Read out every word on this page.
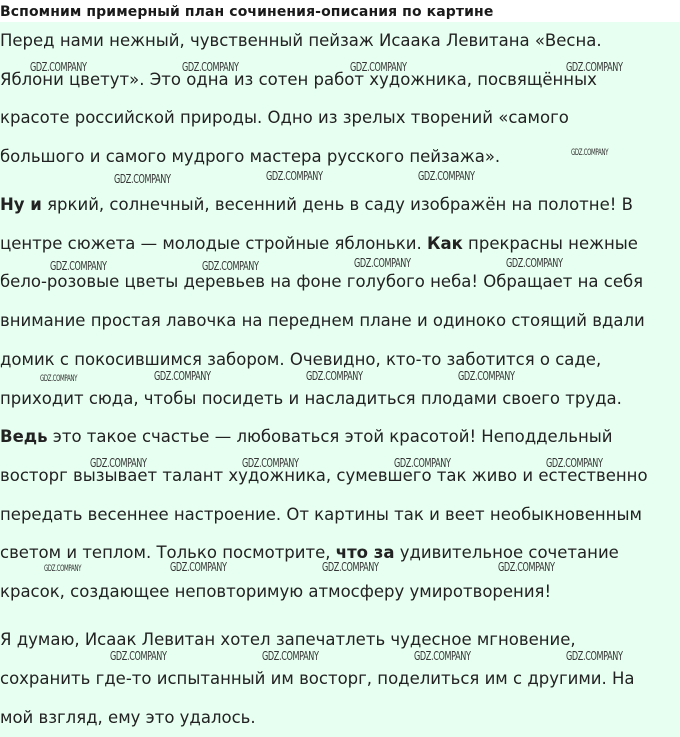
Вспомним примерный план сочинения-описания по картине
Перед нами нежный, чувственный пейзаж Исаака Левитана «Весна.
Яблони цветут». Это одна из сотен работ художника, посвящённых
красоте российской природы. Одно из зрелых творений «самого
большого и самого мудрого мастера русского пейзажа».
Ну и яркий, солнечный, весенний день в саду изображён на полотне! В
центре сюжета — молодые стройные яблоньки. Как прекрасны нежные
бело-розовые цветы деревьев на фоне голубого неба! Обращает на себя
внимание простая лавочка на переднем плане и одиноко стоящий вдали
домик с покосившимся забором. Очевидно, кто-то заботится о саде,
приходит сюда, чтобы посидеть и насладиться плодами своего труда.
Ведь это такое счастье — любоваться этой красотой! Неподдельный
восторг вызывает талант художника, сумевшего так живо и естественно
передать весеннее настроение. От картины так и веет необыкновенным
светом и теплом. Только посмотрите, что за удивительное сочетание
красок, создающее неповторимую атмосферу умиротворения!
Я думаю, Исаак Левитан хотел запечатлеть чудесное мгновение,
сохранить где-то испытанный им восторг, поделиться им с другими. На
мой взгляд, ему это удалось.
GDZ.COMPANY	GDZ.COMPANY	GDZ.COMPANY	GDZ.COMPANY
GDZ.COMPANY
GDZ.COMPANY	GDZ.COMPANY	GDZ.COMPANY
GDZ.COMPANY	GDZ.COMPANY	GDZ.COMPANY	GDZ.COMPANY
GDZ.COMPANY	GDZ.COMPANY	GDZ.COMPANY	GDZ.COMPANY
GDZ.COMPANY	GDZ.COMPANY	GDZ.COMPANY	GDZ.COMPANY
GDZ.COMPANY	GDZ.COMPANY	GDZ.COMPANY	GDZ.COMPANY
GDZ.COMPANY	GDZ.COMPANY	GDZ.COMPANY	GDZ.COMPANY
